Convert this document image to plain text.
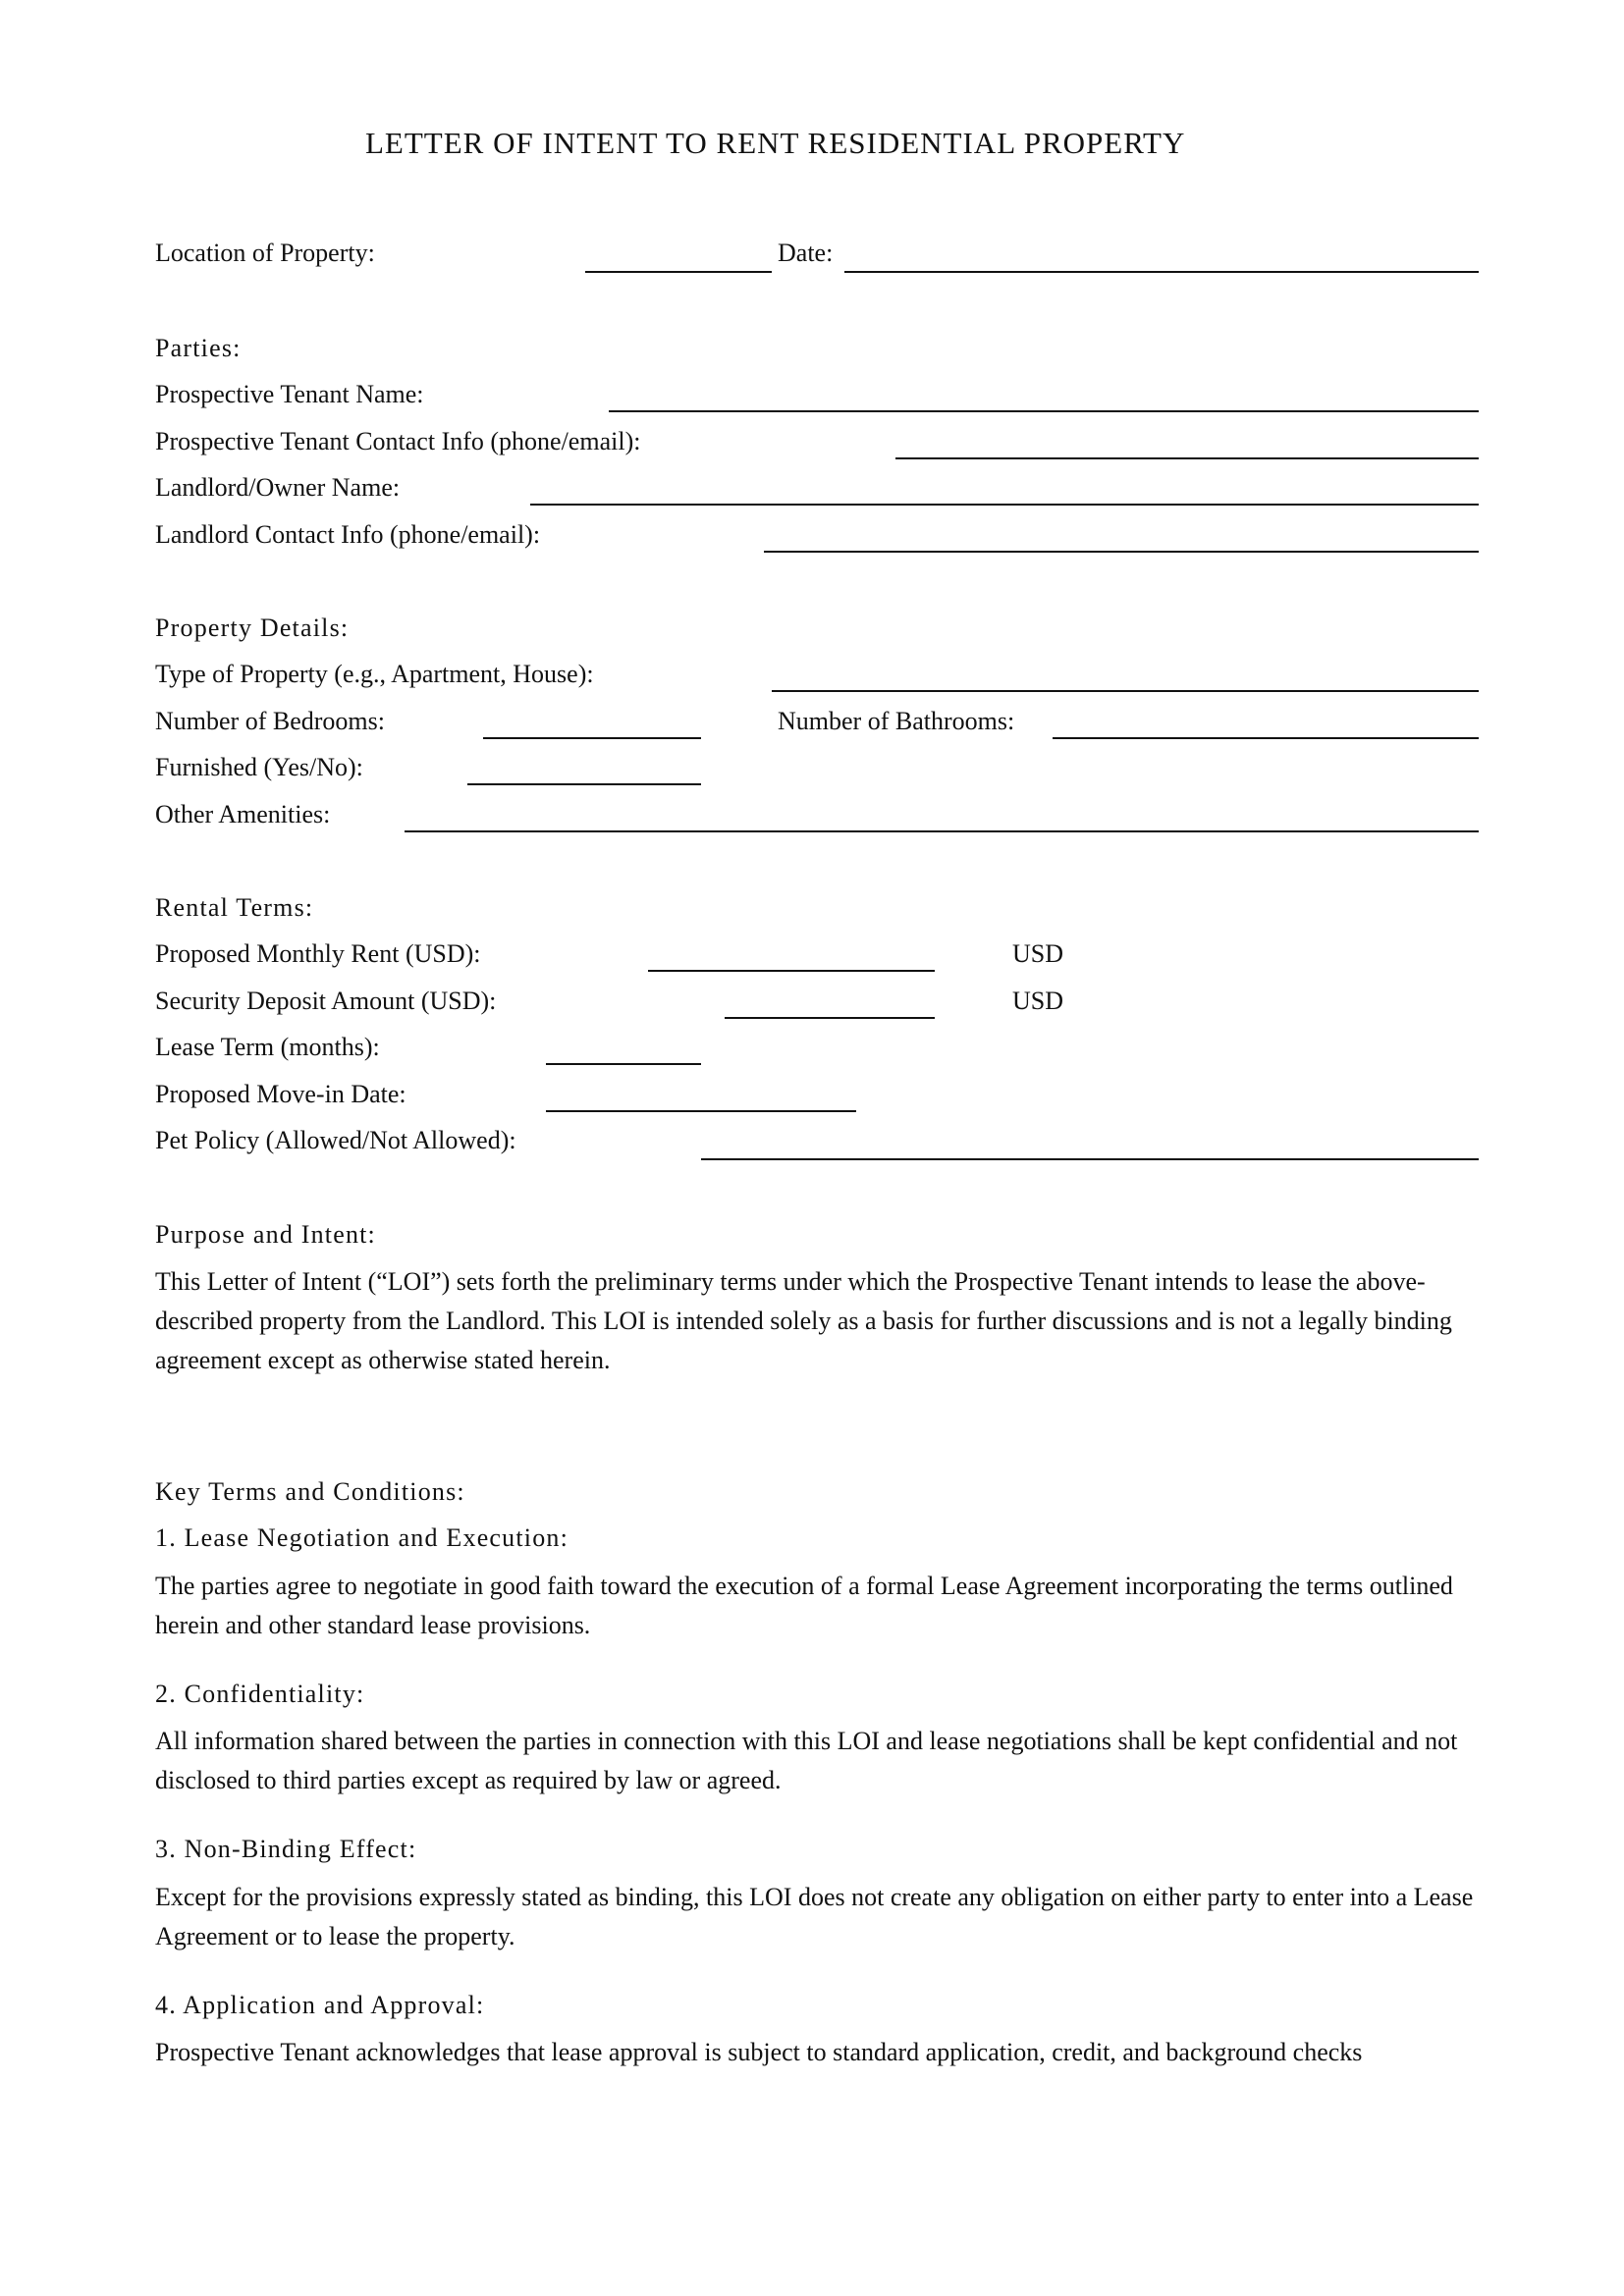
LETTER OF INTENT TO RENT RESIDENTIAL PROPERTY
Location of Property:	Date:
Parties:
Prospective Tenant Name:
Prospective Tenant Contact Info (phone/email):
Landlord/Owner Name:
Landlord Contact Info (phone/email):
Property Details:
Type of Property (e.g., Apartment, House):
Number of Bedrooms:	Number of Bathrooms:
Furnished (Yes/No):
Other Amenities:
Rental Terms:
Proposed Monthly Rent (USD):	USD
Security Deposit Amount (USD):	USD
Lease Term (months):
Proposed Move-in Date:
Pet Policy (Allowed/Not Allowed):
Purpose and Intent:
This Letter of Intent (“LOI”) sets forth the preliminary terms under which the Prospective Tenant intends to lease the above-described property from the Landlord. This LOI is intended solely as a basis for further discussions and is not a legally binding agreement except as otherwise stated herein.
Key Terms and Conditions:
1. Lease Negotiation and Execution:
The parties agree to negotiate in good faith toward the execution of a formal Lease Agreement incorporating the terms outlined herein and other standard lease provisions.
2. Confidentiality:
All information shared between the parties in connection with this LOI and lease negotiations shall be kept confidential and not disclosed to third parties except as required by law or agreed.
3. Non-Binding Effect:
Except for the provisions expressly stated as binding, this LOI does not create any obligation on either party to enter into a Lease Agreement or to lease the property.
4. Application and Approval:
Prospective Tenant acknowledges that lease approval is subject to standard application, credit, and background checks
